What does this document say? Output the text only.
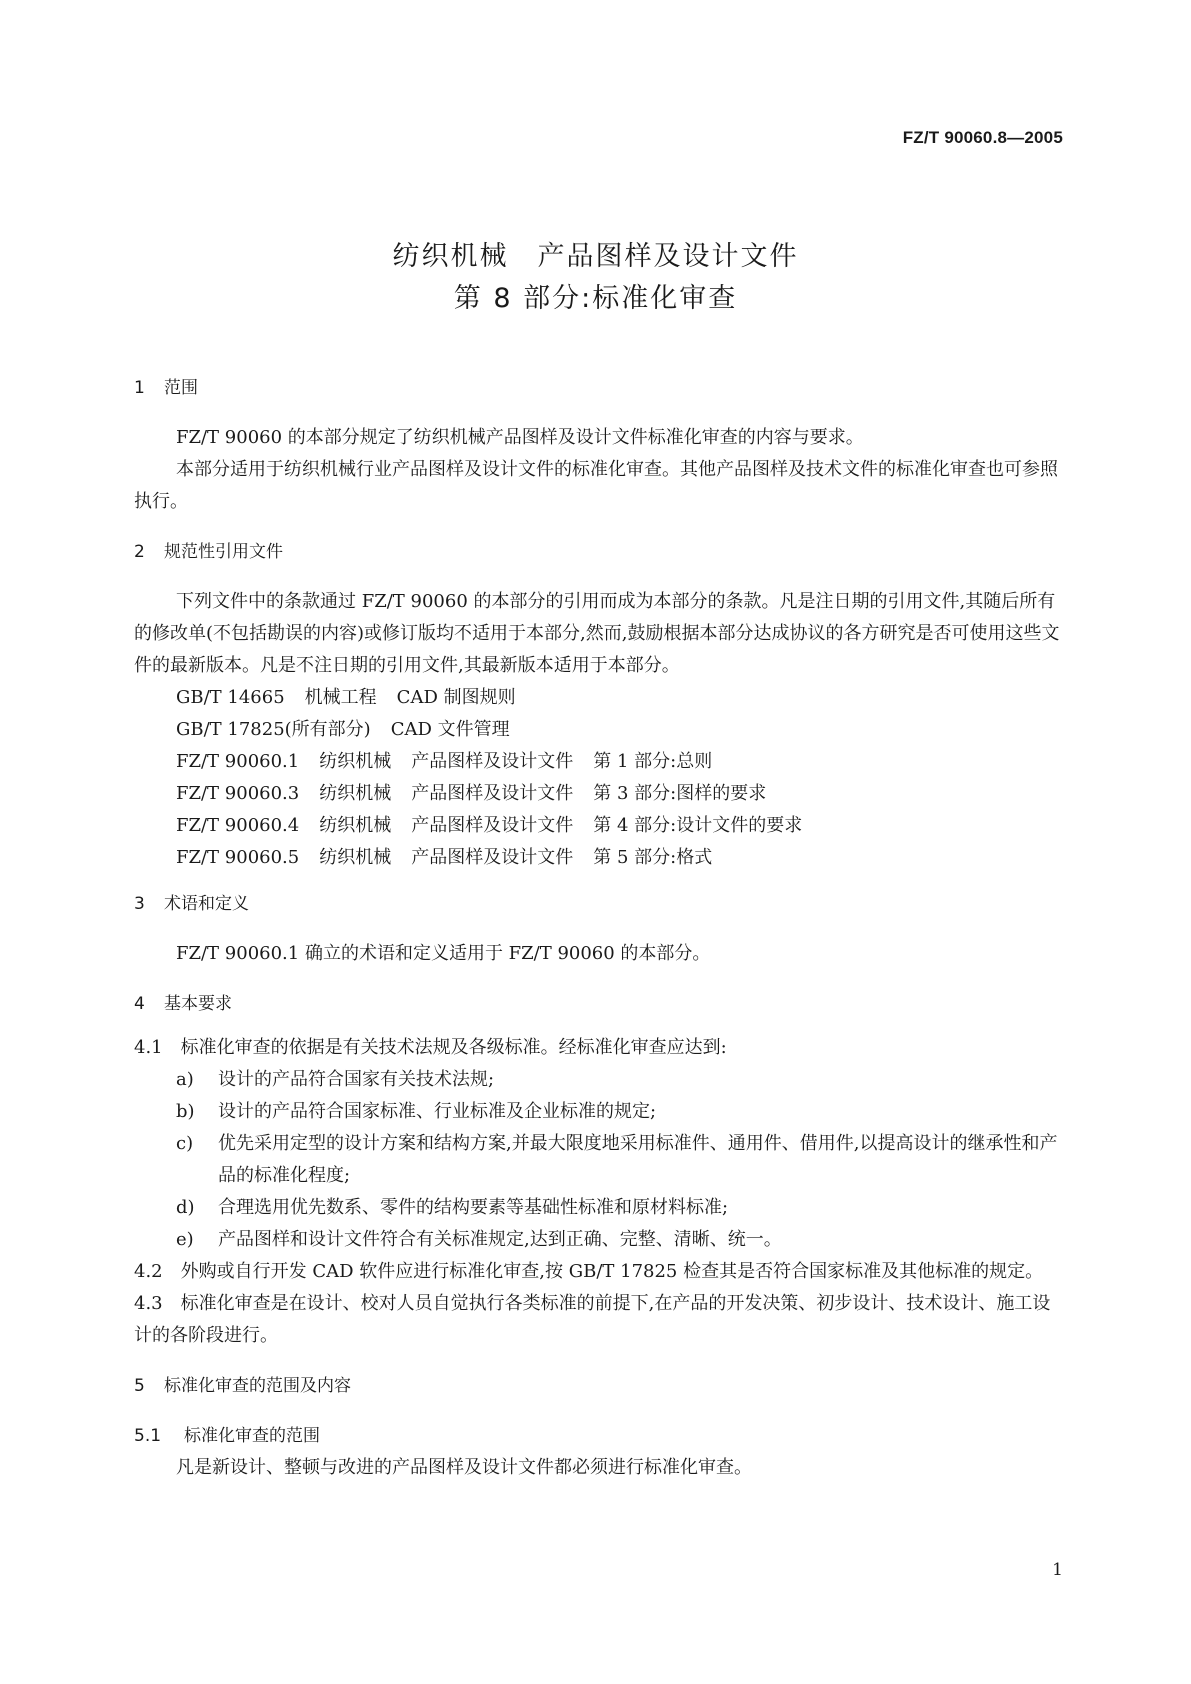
FZ/T 90060.8—2005
纺织机械　产品图样及设计文件
第 8 部分:标准化审查
1 范围

FZ/T 90060 的本部分规定了纺织机械产品图样及设计文件标准化审查的内容与要求。

本部分适用于纺织机械行业产品图样及设计文件的标准化审查。其他产品图样及技术文件的标准化审查也可参照执行。

2 规范性引用文件

下列文件中的条款通过 FZ/T 90060 的本部分的引用而成为本部分的条款。凡是注日期的引用文件,其随后所有的修改单(不包括勘误的内容)或修订版均不适用于本部分,然而,鼓励根据本部分达成协议的各方研究是否可使用这些文件的最新版本。凡是不注日期的引用文件,其最新版本适用于本部分。

GB/T 14665 机械工程 CAD 制图规则
GB/T 17825(所有部分) CAD 文件管理
FZ/T 90060.1 纺织机械 产品图样及设计文件 第 1 部分:总则
FZ/T 90060.3 纺织机械 产品图样及设计文件 第 3 部分:图样的要求
FZ/T 90060.4 纺织机械 产品图样及设计文件 第 4 部分:设计文件的要求
FZ/T 90060.5 纺织机械 产品图样及设计文件 第 5 部分:格式
3 术语和定义

FZ/T 90060.1 确立的术语和定义适用于 FZ/T 90060 的本部分。

4 基本要求

4.1 标准化审查的依据是有关技术法规及各级标准。经标准化审查应达到:

a)	设计的产品符合国家有关技术法规;
b)	设计的产品符合国家标准、行业标准及企业标准的规定;
c)	优先采用定型的设计方案和结构方案,并最大限度地采用标准件、通用件、借用件,以提高设计的继承性和产品的标准化程度;
d)	合理选用优先数系、零件的结构要素等基础性标准和原材料标准;
e)	产品图样和设计文件符合有关标准规定,达到正确、完整、清晰、统一。

4.2 外购或自行开发 CAD 软件应进行标准化审查,按 GB/T 17825 检查其是否符合国家标准及其他标准的规定。

4.3 标准化审查是在设计、校对人员自觉执行各类标准的前提下,在产品的开发决策、初步设计、技术设计、施工设计的各阶段进行。

5 标准化审查的范围及内容
5.1 标准化审查的范围

凡是新设计、整顿与改进的产品图样及设计文件都必须进行标准化审查。

1
